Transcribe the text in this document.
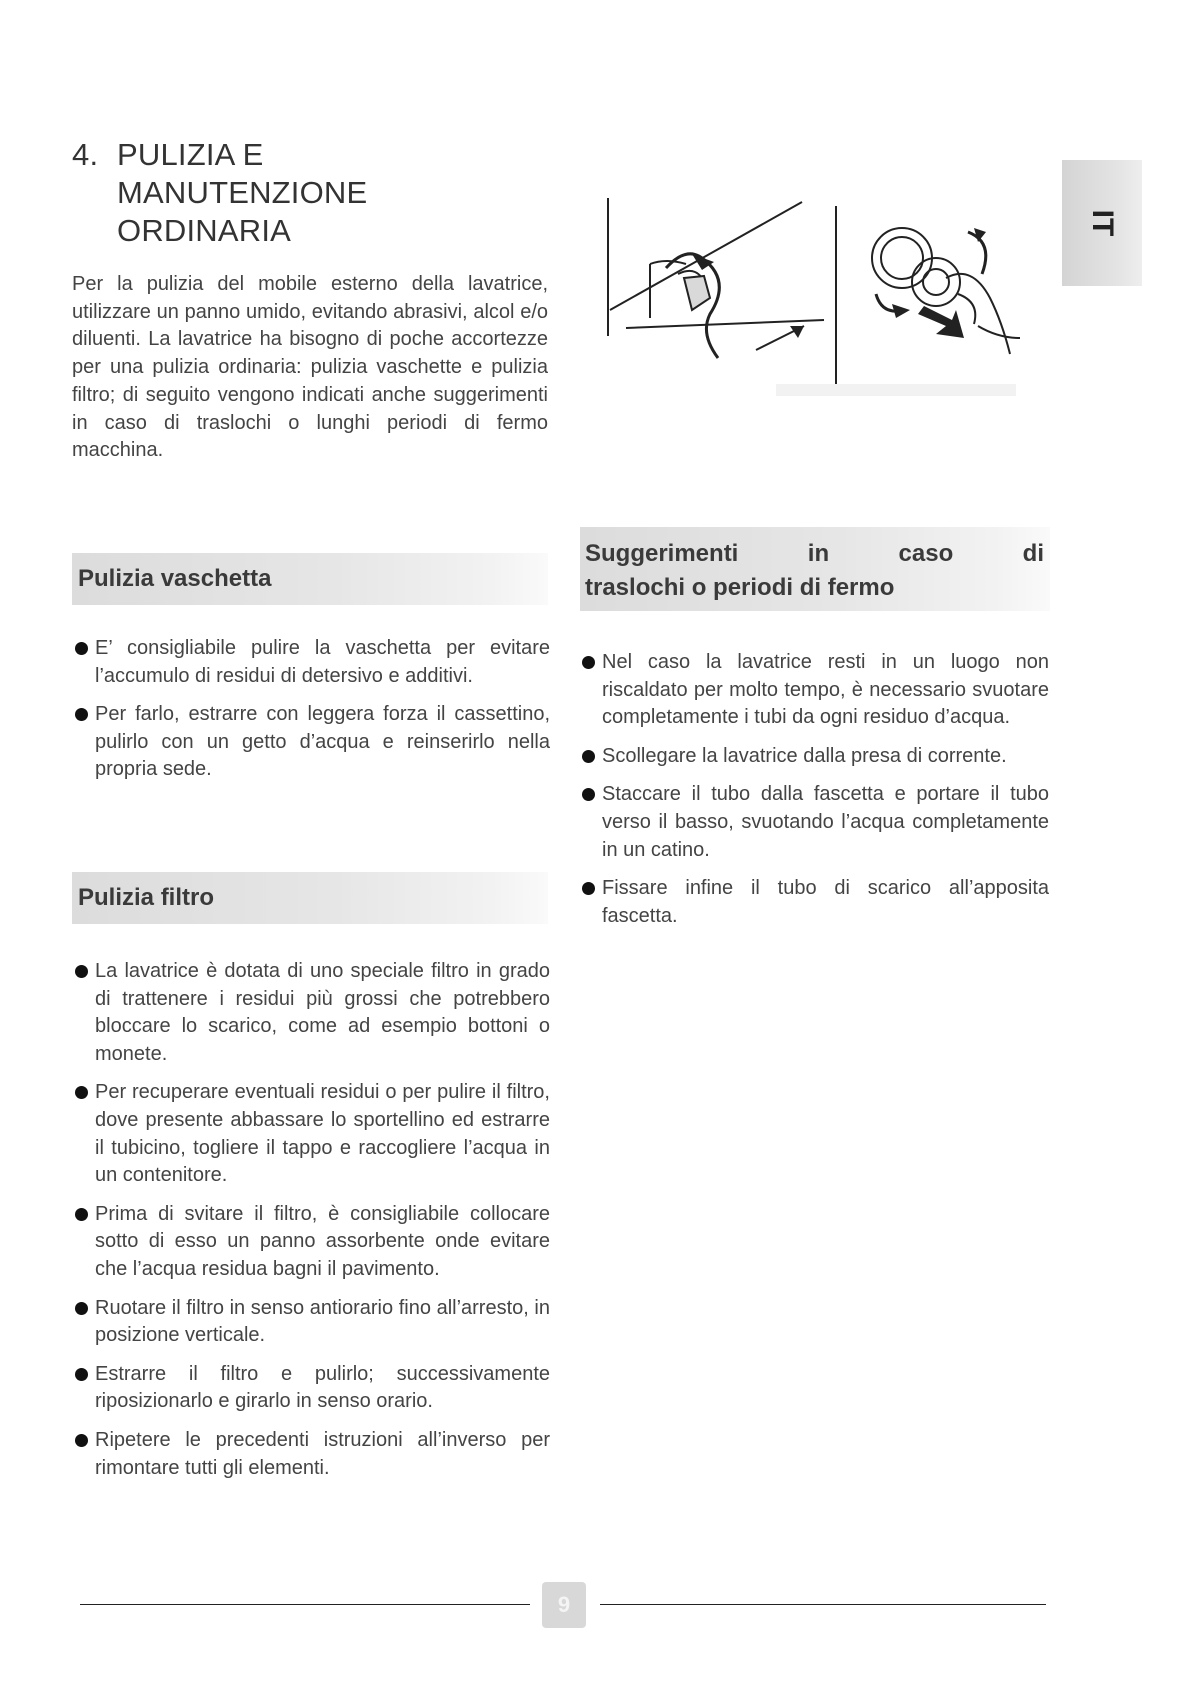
4. PULIZIA E
MANUTENZIONE
ORDINARIA

Per la pulizia del mobile esterno della lavatrice, utilizzare un panno umido, evitando abrasivi, alcol e/o diluenti. La lavatrice ha bisogno di poche accortezze per una pulizia ordinaria: pulizia vaschette e pulizia filtro; di seguito vengono indicati anche suggerimenti in caso di traslochi o lunghi periodi di fermo macchina.

IT
Pulizia vaschetta
E’ consigliabile pulire la vaschetta per evitare l’accumulo di residui di detersivo e additivi.
Per farlo, estrarre con leggera forza il cassettino, pulirlo con un getto d’acqua e reinserirlo nella propria sede.
Pulizia filtro
La lavatrice è dotata di uno speciale filtro in grado di trattenere i residui più grossi che potrebbero bloccare lo scarico, come ad esempio bottoni o monete.
Per recuperare eventuali residui o per pulire il filtro, dove presente abbassare lo sportellino ed estrarre il tubicino, togliere il tappo e raccogliere l’acqua in un contenitore.
Prima di svitare il filtro, è consigliabile collocare sotto di esso un panno assorbente onde evitare che l’acqua residua bagni il pavimento.
Ruotare il filtro in senso antiorario fino all’arresto, in posizione verticale.
Estrarre il filtro e pulirlo; successivamente riposizionarlo e girarlo in senso orario.
Ripetere le precedenti istruzioni all’inverso per rimontare tutti gli elementi.
Suggerimenti in caso di
traslochi o periodi di fermo
Nel caso la lavatrice resti in un luogo non riscaldato per molto tempo, è necessario svuotare completamente i tubi da ogni residuo d’acqua.
Scollegare la lavatrice dalla presa di corrente.
Staccare il tubo dalla fascetta e portare il tubo verso il basso, svuotando l’acqua completamente in un catino.
Fissare infine il tubo di scarico all’apposita fascetta.
9
